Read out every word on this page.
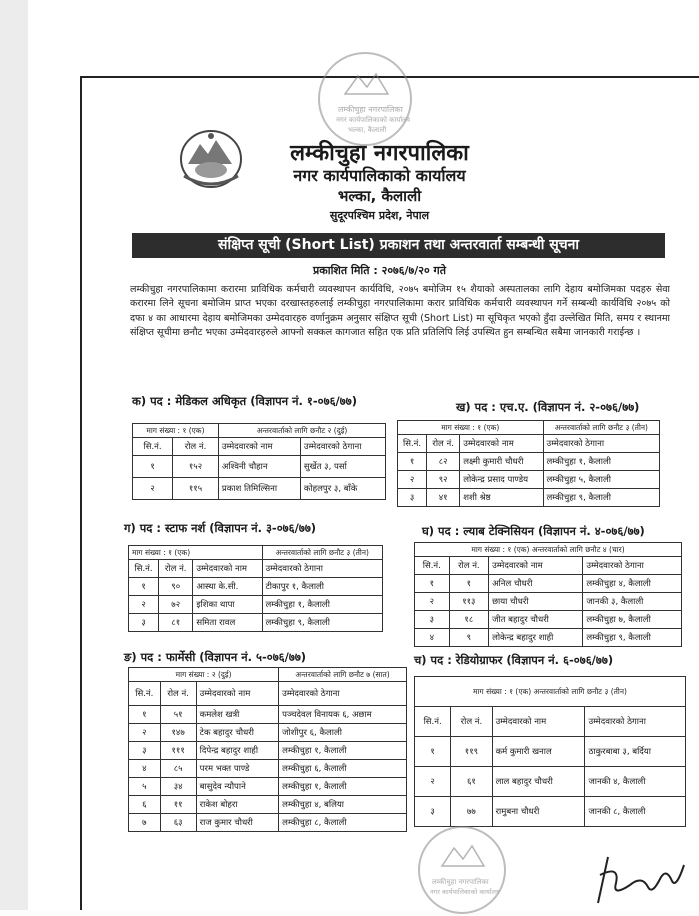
लम्कीचुहा नगरपालिका
नगर कार्यपालिकाको कार्यालय
भल्का, कैलाली
लम्कीचुहा नगरपालिका
नगर कार्यपालिकाको कार्यालय
भल्का, कैलाली
सुदूरपश्चिम प्रदेश, नेपाल
संक्षिप्त सूची (Short List) प्रकाशन तथा अन्तरवार्ता सम्बन्धी सूचना
प्रकाशित मिति : २०७६/७/२० गते
लम्कीचुहा नगरपालिकामा करारमा प्राविधिक कर्मचारी व्यवस्थापन कार्यविधि, २०७५ बमोजिम १५ शैयाको अस्पतालका लागि देहाय बमोजिमका पदहरु सेवा करारमा लिने सूचना बमोजिम प्राप्त भएका दरखास्तहरुलाई लम्कीचुहा नगरपालिकामा करार प्राविधिक कर्मचारी व्यवस्थापन गर्ने सम्बन्धी कार्यविधि २०७५ को दफा ४ का आधारमा देहाय बमोजिमका उम्मेदवारहरु वर्णानुक्रम अनुसार संक्षिप्त सूची (Short List) मा सूचिकृत भएको हुँदा उल्लेखित मिति, समय र स्थानमा संक्षिप्त सूचीमा छनौट भएका उम्मेदवारहरुले आफ्नो सक्कल कागजात सहित एक प्रति प्रतिलिपि लिई उपस्थित हुन सम्बन्धित सबैमा जानकारी गराईन्छ ।
क) पद : मेडिकल अधिकृत (विज्ञापन नं. १-०७६/७७)
माग संख्या : १ (एक)		अन्तरवार्ताको लागि छनौट २ (दुई)	
सि.नं.	रोल नं.	उम्मेदवारको नाम	उम्मेदवारको ठेगाना
१	१५२	अश्विनी चौहान	सुर्खेत ३, पर्सा
२	११५	प्रकाश तिमिल्सिना	कोहलपुर ३, बाँके
ख) पद : एच.ए. (विज्ञापन नं. २-०७६/७७)
माग संख्या : १ (एक)			अन्तरवार्ताको लागि छनौट ३ (तीन)
सि.नं.	रोल नं.	उम्मेदवारको नाम	उम्मेदवारको ठेगाना
१	८२	लक्ष्मी कुमारी चौधरी	लम्कीचुहा १, कैलाली
२	९२	लोकेन्द्र प्रसाद पाण्डेय	लम्कीचुहा ५, कैलाली
३	४१	शशी श्रेष्ठ	लम्कीचुहा ९, कैलाली
ग) पद : स्टाफ नर्श (विज्ञापन नं. ३-०७६/७७)
माग संख्या : १ (एक)			अन्तरवार्ताको लागि छनौट ३ (तीन)
सि.नं.	रोल नं.	उम्मेदवारको नाम	उम्मेदवारको ठेगाना
१	९०	आस्था के.सी.	टीकापुर १, कैलाली
२	७२	इशिका थापा	लम्कीचुहा १, कैलाली
३	८१	समिता रावल	लम्कीचुहा ९, कैलाली
घ) पद : ल्याब टेक्निसियन (विज्ञापन नं. ४-०७६/७७)
माग संख्या : १ (एक) अन्तरवार्ताको लागि छनौट ४ (चार)			
सि.नं.	रोल नं.	उम्मेदवारको नाम	उम्मेदवारको ठेगाना
१	१	अनिल चौधरी	लम्कीचुहा ४, कैलाली
२	११३	छाया चौधरी	जानकी ३, कैलाली
३	१८	जीत बहादुर चौधरी	लम्कीचुहा ७, कैलाली
४	९	लोकेन्द्र बहादुर शाही	लम्कीचुहा ९, कैलाली
ङ) पद : फार्मेसी (विज्ञापन नं. ५-०७६/७७)
माग संख्या : २ (दुई)			अन्तरवार्ताको लागि छनौट ७ (सात)
सि.नं.	रोल नं.	उम्मेदवारको नाम	उम्मेदवारको ठेगाना
१	५१	कमलेश खत्री	पञ्चदेवल विनायक ६, अछाम
२	१४७	टेक बहादुर चौधरी	जोशीपुर ६, कैलाली
३	१११	दिपेन्द्र बहादुर शाही	लम्कीचुहा १, कैलाली
४	८५	परम भक्त पाण्डे	लम्कीचुहा ६, कैलाली
५	३४	बासुदेव न्यौपाने	लम्कीचुहा १, कैलाली
६	११	राकेश बोहरा	लम्कीचुहा ४, बलिया
७	६३	राज कुमार चौधरी	लम्कीचुहा ८, कैलाली
च) पद : रेडियोग्राफर (विज्ञापन नं. ६-०७६/७७)
माग संख्या : १ (एक) अन्तरवार्ताको लागि छनौट ३ (तीन)			
सि.नं.	रोल नं.	उम्मेदवारको नाम	उम्मेदवारको ठेगाना
१	११९	कर्म कुमारी खनाल	ठाकुरबाबा ३, बर्दिया
२	६१	लाल बहादुर चौधरी	जानकी ४, कैलाली
३	७७	रामुबना चौधरी	जानकी ८, कैलाली
लम्कीचुहा नगरपालिका
नगर कार्यपालिकाको कार्यालय
